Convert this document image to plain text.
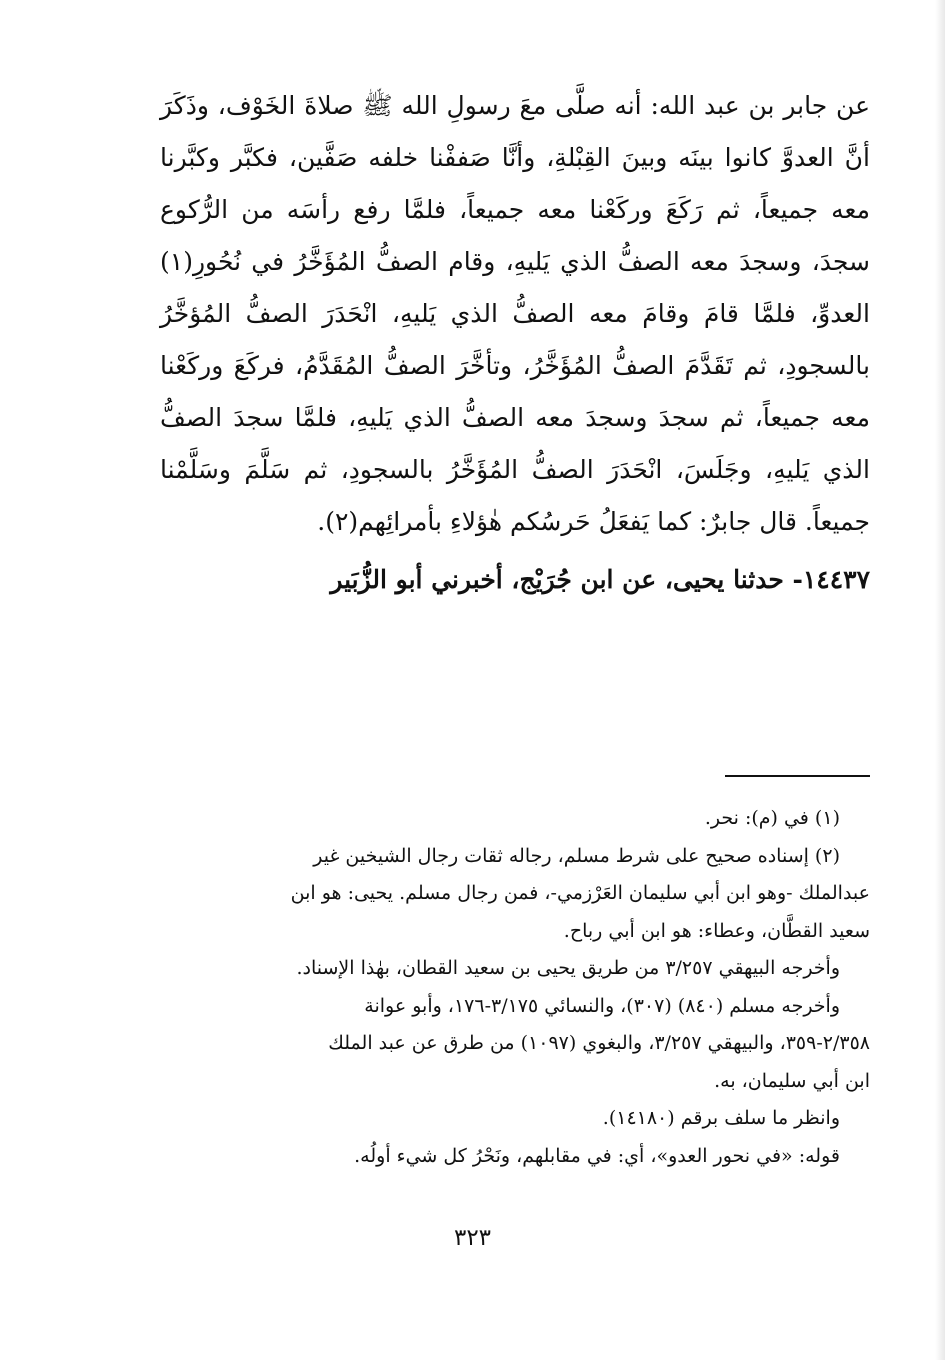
عن جابر بن عبد الله: أنه صلَّى معَ رسولِ الله ﷺ صلاةَ الخَوْف، وذَكَرَ أنَّ العدوَّ كانوا بينَه وبينَ القِبْلةِ، وأنَّا صَففْنا خلفه صَفَّين، فكبَّر وكبَّرنا معه جميعاً، ثم رَكَعَ وركَعْنا معه جميعاً، فلمَّا رفع رأسَه من الرُّكوع سجدَ، وسجدَ معه الصفُّ الذي يَليهِ، وقام الصفُّ المُؤَخَّرُ في نُحُورِ(١) العدوِّ، فلمَّا قامَ وقامَ معه الصفُّ الذي يَليهِ، انْحَدَرَ الصفُّ المُؤخَّرُ بالسجودِ، ثم تَقَدَّمَ الصفُّ المُؤَخَّرُ، وتأخَّرَ الصفُّ المُقَدَّمُ، فركَعَ وركَعْنا معه جميعاً، ثم سجدَ وسجدَ معه الصفُّ الذي يَليهِ، فلمَّا سجدَ الصفُّ الذي يَليهِ، وجَلَسَ، انْحَدَرَ الصفُّ المُؤَخَّرُ بالسجودِ، ثم سَلَّمَ وسَلَّمْنا جميعاً. قال جابرٌ: كما يَفعَلُ حَرسُكم هٰؤلاءِ بأمرائِهم(٢).

١٤٤٣٧- حدثنا يحيى، عن ابن جُرَيْج، أخبرني أبو الزُّبَير

(١) في (م): نحر.

(٢) إسناده صحيح على شرط مسلم، رجاله ثقات رجال الشيخين غير

عبدالملك -وهو ابن أبي سليمان العَرْزمي-، فمن رجال مسلم. يحيى: هو ابن

سعيد القطَّان، وعطاء: هو ابن أبي رباح.

وأخرجه البيهقي ٣/٢٥٧ من طريق يحيى بن سعيد القطان، بهٰذا الإسناد.

وأخرجه مسلم (٨٤٠) (٣٠٧)، والنسائي ٣/١٧٥-١٧٦، وأبو عوانة

٢/٣٥٨-٣٥٩، والبيهقي ٣/٢٥٧، والبغوي (١٠٩٧) من طرق عن عبد الملك

ابن أبي سليمان، به.

وانظر ما سلف برقم (١٤١٨٠).

قوله: «في نحور العدو»، أي: في مقابلهم، ونَحْرُ كل شيء أولُه.

٣٢٣
